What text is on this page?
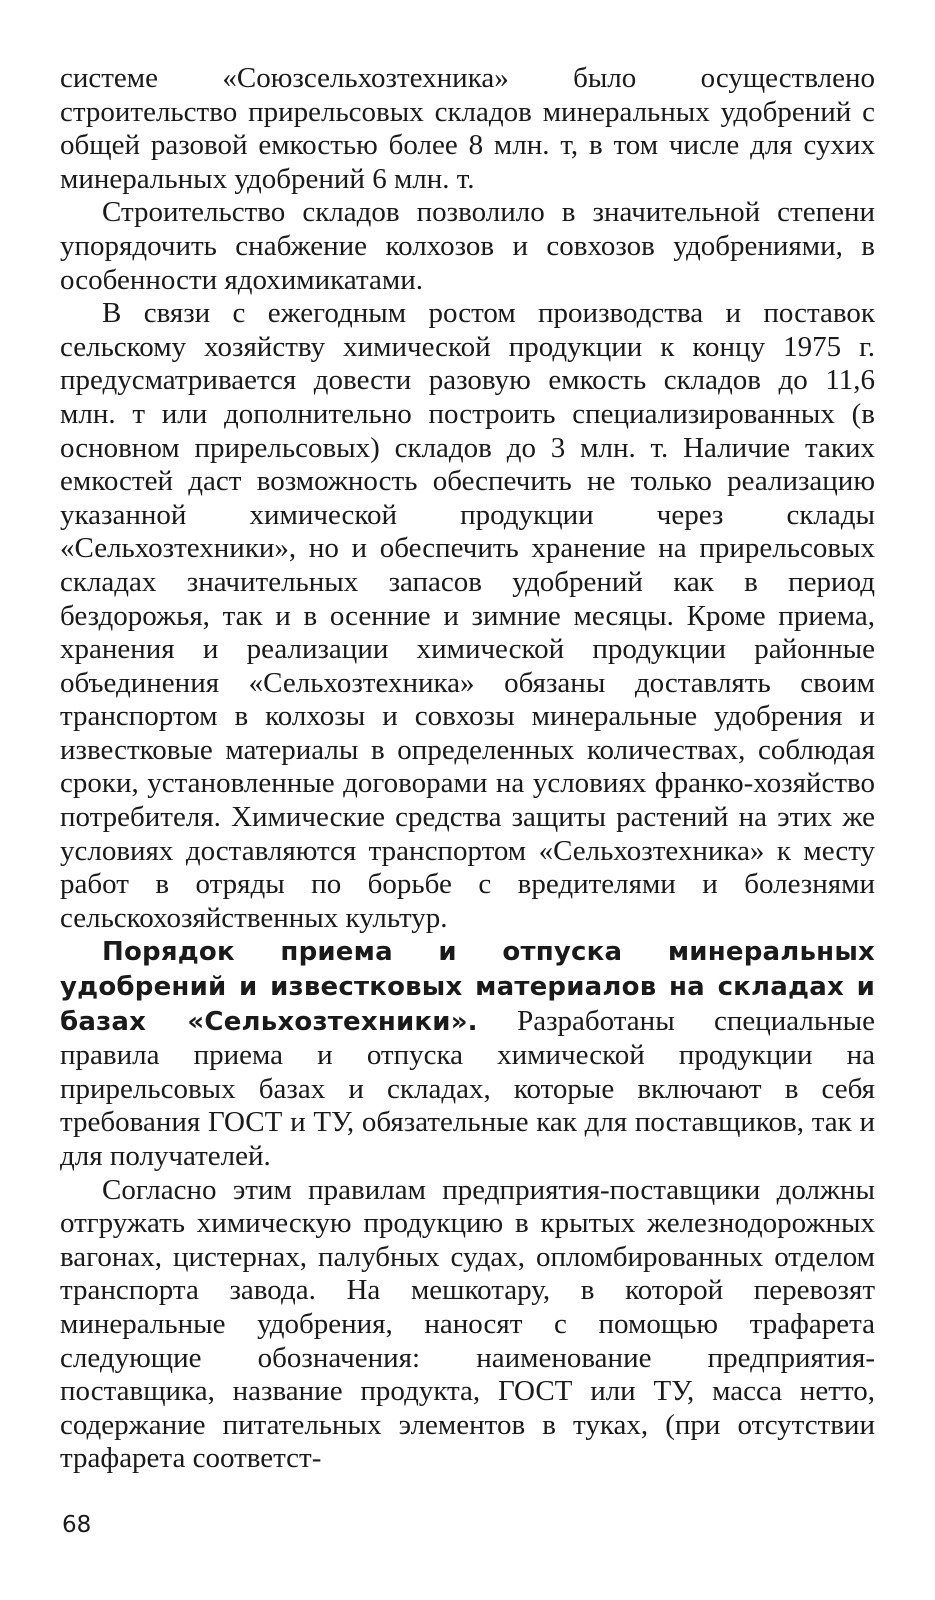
системе «Союзсельхозтехника» было осуществлено строительство прирельсовых складов минеральных удобрений с общей разовой емкостью более 8 млн. т, в том числе для сухих минеральных удобрений 6 млн. т.

Строительство складов позволило в значительной степени упорядочить снабжение колхозов и совхозов удобрениями, в особенности ядохимикатами.

В связи с ежегодным ростом производства и поставок сельскому хозяйству химической продукции к концу 1975 г. предусматривается довести разовую емкость складов до 11,6 млн. т или дополнительно построить специализированных (в основном прирельсовых) складов до 3 млн. т. Наличие таких емкостей даст возможность обеспечить не только реализацию указанной химической продукции через склады «Сельхозтехники», но и обеспечить хранение на прирельсовых складах значительных запасов удобрений как в период бездорожья, так и в осенние и зимние месяцы. Кроме приема, хранения и реализации химической продукции районные объединения «Сельхозтехника» обязаны доставлять своим транспортом в колхозы и совхозы минеральные удобрения и известковые материалы в определенных количествах, соблюдая сроки, установленные договорами на условиях франко-хозяйство потребителя. Химические средства защиты растений на этих же условиях доставляются транспортом «Сельхозтехника» к месту работ в отряды по борьбе с вредителями и болезнями сельскохозяйственных культур.

Порядок приема и отпуска минеральных удобрений и известковых материалов на складах и базах «Сельхозтехники». Разработаны специальные правила приема и отпуска химической продукции на прирельсовых базах и складах, которые включают в себя требования ГОСТ и ТУ, обязательные как для поставщиков, так и для получателей.

Согласно этим правилам предприятия-поставщики должны отгружать химическую продукцию в крытых железнодорожных вагонах, цистернах, палубных судах, опломбированных отделом транспорта завода. На мешкотару, в которой перевозят минеральные удобрения, наносят с помощью трафарета следующие обозначения: наименование предприятия-поставщика, название продукта, ГОСТ или ТУ, масса нетто, содержание питательных элементов в туках, (при отсутствии трафарета соответст-

68
